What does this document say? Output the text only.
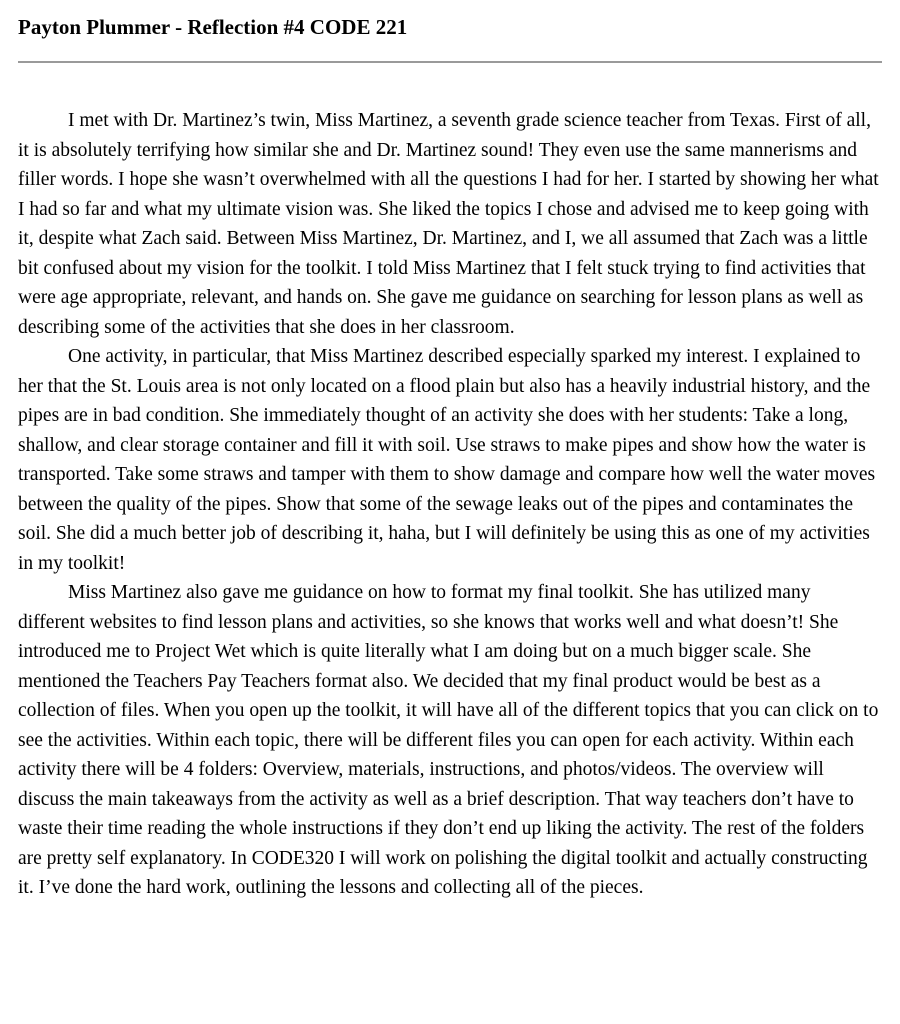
Payton Plummer - Reflection #4 CODE 221

I met with Dr. Martinez’s twin, Miss Martinez, a seventh grade science teacher from Texas. First of all, it is absolutely terrifying how similar she and Dr. Martinez sound! They even use the same mannerisms and filler words. I hope she wasn’t overwhelmed with all the questions I had for her. I started by showing her what I had so far and what my ultimate vision was. She liked the topics I chose and advised me to keep going with it, despite what Zach said. Between Miss Martinez, Dr. Martinez, and I, we all assumed that Zach was a little bit confused about my vision for the toolkit. I told Miss Martinez that I felt stuck trying to find activities that were age appropriate, relevant, and hands on. She gave me guidance on searching for lesson plans as well as describing some of the activities that she does in her classroom.

One activity, in particular, that Miss Martinez described especially sparked my interest. I explained to her that the St. Louis area is not only located on a flood plain but also has a heavily industrial history, and the pipes are in bad condition. She immediately thought of an activity she does with her students: Take a long, shallow, and clear storage container and fill it with soil. Use straws to make pipes and show how the water is transported. Take some straws and tamper with them to show damage and compare how well the water moves between the quality of the pipes. Show that some of the sewage leaks out of the pipes and contaminates the soil. She did a much better job of describing it, haha, but I will definitely be using this as one of my activities in my toolkit!

Miss Martinez also gave me guidance on how to format my final toolkit. She has utilized many different websites to find lesson plans and activities, so she knows that works well and what doesn’t! She introduced me to Project Wet which is quite literally what I am doing but on a much bigger scale. She mentioned the Teachers Pay Teachers format also. We decided that my final product would be best as a collection of files. When you open up the toolkit, it will have all of the different topics that you can click on to see the activities. Within each topic, there will be different files you can open for each activity. Within each activity there will be 4 folders: Overview, materials, instructions, and photos/videos. The overview will discuss the main takeaways from the activity as well as a brief description. That way teachers don’t have to waste their time reading the whole instructions if they don’t end up liking the activity. The rest of the folders are pretty self explanatory. In CODE320 I will work on polishing the digital toolkit and actually constructing it. I’ve done the hard work, outlining the lessons and collecting all of the pieces.
